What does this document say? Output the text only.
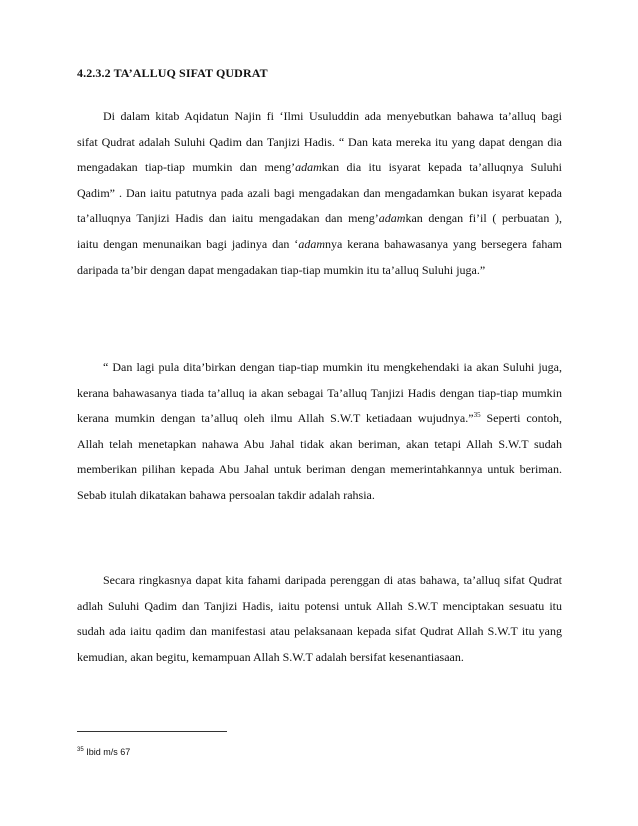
4.2.3.2 TA’ALLUQ SIFAT QUDRAT
Di dalam kitab Aqidatun Najin fi ‘Ilmi Usuluddin ada menyebutkan bahawa ta’alluq bagi
sifat Qudrat adalah Suluhi Qadim dan Tanjizi Hadis. “ Dan kata mereka itu yang dapat dengan dia
mengadakan tiap-tiap mumkin dan meng’adamkan dia itu isyarat kepada ta’alluqnya Suluhi
Qadim” . Dan iaitu patutnya pada azali bagi mengadakan dan mengadamkan bukan isyarat kepada
ta’alluqnya Tanjizi Hadis dan iaitu mengadakan dan meng’adamkan dengan fi’il ( perbuatan ),
iaitu dengan menunaikan bagi jadinya dan ‘adamnya kerana bahawasanya yang bersegera faham
daripada ta’bir dengan dapat mengadakan tiap-tiap mumkin itu ta’alluq Suluhi juga.”
“ Dan lagi pula dita’birkan dengan tiap-tiap mumkin itu mengkehendaki ia akan Suluhi juga,
kerana bahawasanya tiada ta’alluq ia akan sebagai Ta’alluq Tanjizi Hadis dengan tiap-tiap mumkin
kerana mumkin dengan ta’alluq oleh ilmu Allah S.W.T ketiadaan wujudnya.”$^{35}$ Seperti contoh,
Allah telah menetapkan nahawa Abu Jahal tidak akan beriman, akan tetapi Allah S.W.T sudah
memberikan pilihan kepada Abu Jahal untuk beriman dengan memerintahkannya untuk beriman.
Sebab itulah dikatakan bahawa persoalan takdir adalah rahsia.
Secara ringkasnya dapat kita fahami daripada perenggan di atas bahawa, ta’alluq sifat Qudrat
adlah Suluhi Qadim dan Tanjizi Hadis, iaitu potensi untuk Allah S.W.T menciptakan sesuatu itu
sudah ada iaitu qadim dan manifestasi atau pelaksanaan kepada sifat Qudrat Allah S.W.T itu yang
kemudian, akan begitu, kemampuan Allah S.W.T adalah bersifat kesenantiasaan.
$^{35}$ Ibid m/s 67
